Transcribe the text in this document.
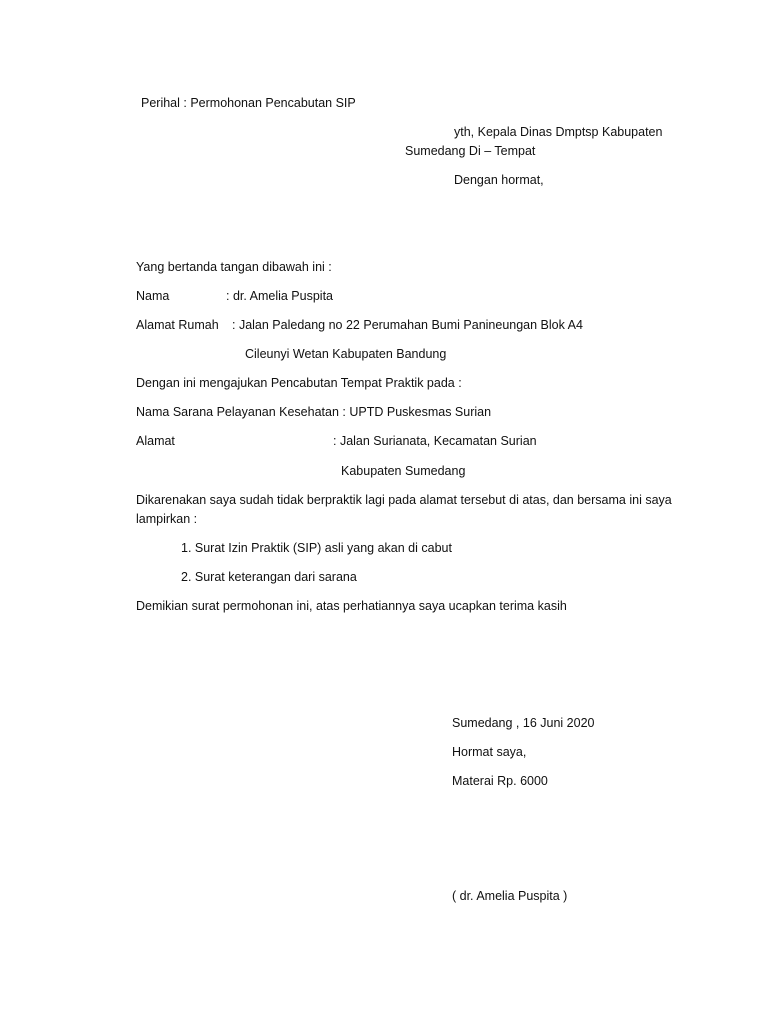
Perihal : Permohonan Pencabutan SIP
yth, Kepala Dinas Dmptsp Kabupaten
Sumedang Di – Tempat
Dengan hormat,
Yang bertanda tangan dibawah ini :
Nama	: dr. Amelia Puspita
Alamat Rumah : Jalan Paledang no 22 Perumahan Bumi Panineungan Blok A4
Cileunyi Wetan Kabupaten Bandung
Dengan ini mengajukan Pencabutan Tempat Praktik pada :
Nama Sarana Pelayanan Kesehatan : UPTD Puskesmas Surian
Alamat	: Jalan Surianata, Kecamatan Surian
Kabupaten Sumedang
Dikarenakan saya sudah tidak berpraktik lagi pada alamat tersebut di atas, dan bersama ini saya
lampirkan :
1. Surat Izin Praktik (SIP) asli yang akan di cabut
2. Surat keterangan dari sarana
Demikian surat permohonan ini, atas perhatiannya saya ucapkan terima kasih
Sumedang , 16 Juni 2020
Hormat saya,
Materai Rp. 6000
( dr. Amelia Puspita )
